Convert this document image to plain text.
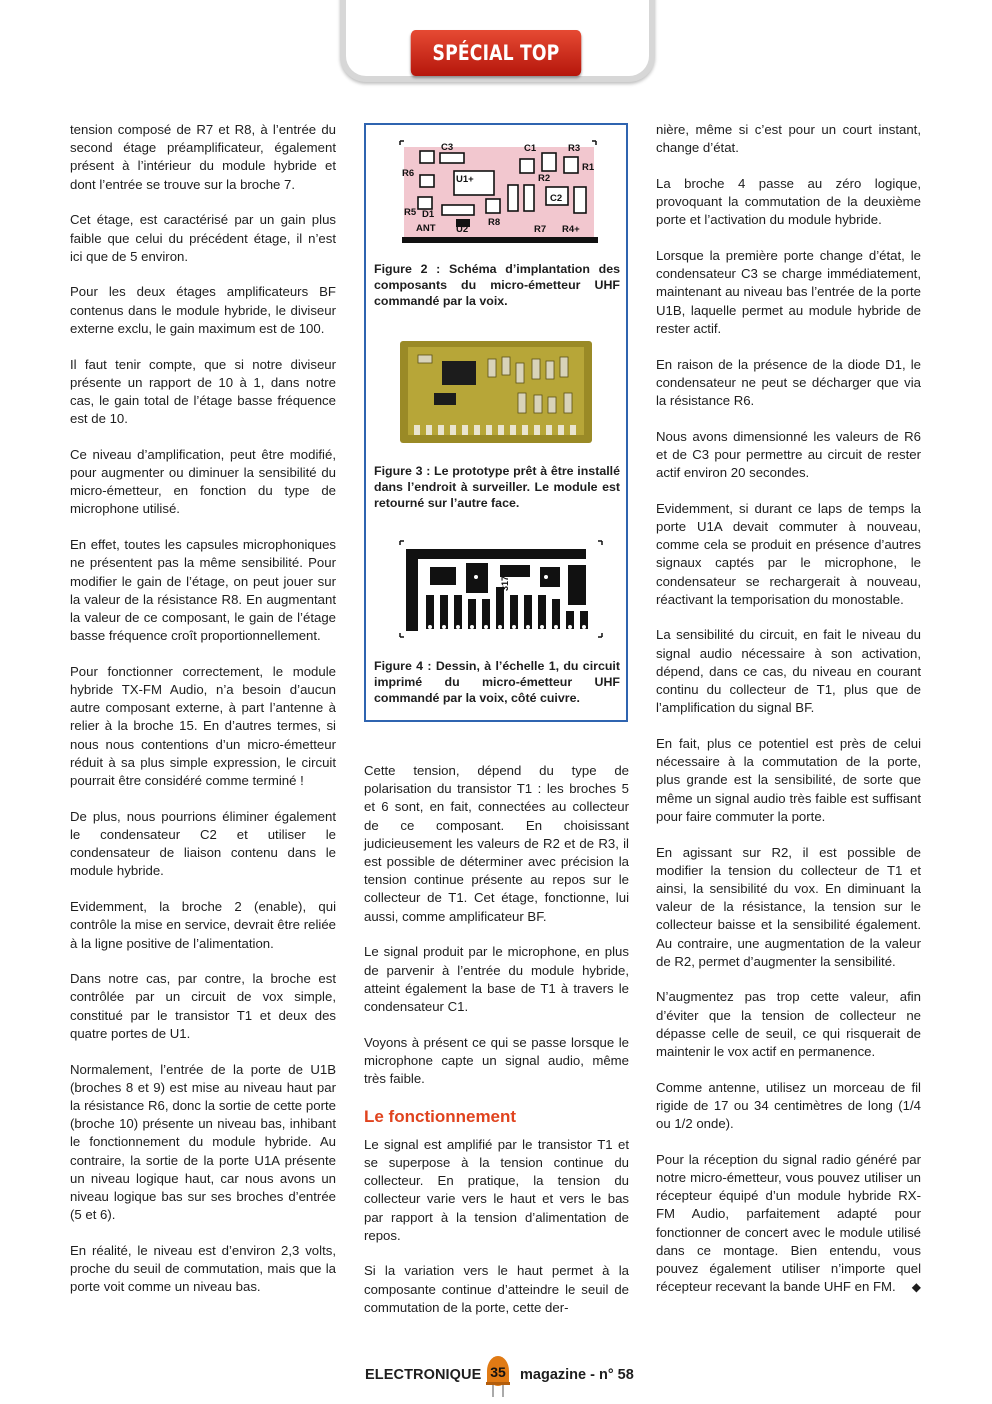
SPÉCIAL TOP SECRET

tension composé de R7 et R8, à l’entrée du second étage préamplificateur, également présent à l’intérieur du module hybride et dont l’entrée se trouve sur la broche 7.

Cet étage, est caractérisé par un gain plus faible que celui du précédent étage, il n’est ici que de 5 environ.

Pour les deux étages amplificateurs BF contenus dans le module hybride, le diviseur externe exclu, le gain maximum est de 100.

Il faut tenir compte, que si notre diviseur présente un rapport de 10 à 1, dans notre cas, le gain total de l’étage basse fréquence est de 10.

Ce niveau d’amplification, peut être modifié, pour augmenter ou diminuer la sensibilité du micro-émetteur, en fonction du type de microphone utilisé.

En effet, toutes les capsules microphoniques ne présentent pas la même sensibilité. Pour modifier le gain de l’étage, on peut jouer sur la valeur de la résistance R8. En augmentant la valeur de ce composant, le gain de l’étage basse fréquence croît proportionnellement.

Pour fonctionner correctement, le module hybride TX-FM Audio, n’a besoin d’aucun autre composant externe, à part l’antenne à relier à la broche 15. En d’autres termes, si nous nous contentions d’un micro-émetteur réduit à sa plus simple expression, le circuit pourrait être considéré comme terminé !

De plus, nous pourrions éliminer également le condensateur C2 et utiliser le condensateur de liaison contenu dans le module hybride.

Evidemment, la broche 2 (enable), qui contrôle la mise en service, devrait être reliée à la ligne positive de l’alimentation.

Dans notre cas, par contre, la broche est contrôlée par un circuit de vox simple, constitué par le transistor T1 et deux des quatre portes de U1.

Normalement, l’entrée de la porte de U1B (broches 8 et 9) est mise au niveau haut par la résistance R6, donc la sortie de cette porte (broche 10) présente un niveau bas, inhibant le fonctionnement du module hybride. Au contraire, la sortie de la porte U1A présente un niveau logique haut, car nous avons un niveau logique bas sur ses broches d’entrée (5 et 6).

En réalité, le niveau est d’environ 2,3 volts, proche du seuil de commutation, mais que la porte voit comme un niveau bas.

C3	C1	R3
R6
U1+
R1
R2
R5 D1
R8
C2
ANT U2	R7 R4+
Figure 2 : Schéma d’implantation des composants du micro-émetteur UHF commandé par la voix.
Figure 3 : Le prototype prêt à être installé dans l’endroit à surveiller. Le module est retourné sur l’autre face.
317
Figure 4 : Dessin, à l’échelle 1, du circuit imprimé du micro-émetteur UHF commandé par la voix, côté cuivre.

Cette tension, dépend du type de polarisation du transistor T1 : les broches 5 et 6 sont, en fait, connectées au collecteur de ce composant. En choisissant judicieusement les valeurs de R2 et de R3, il est possible de déterminer avec précision la tension continue présente au repos sur le collecteur de T1. Cet étage, fonctionne, lui aussi, comme amplificateur BF.

Le signal produit par le microphone, en plus de parvenir à l’entrée du module hybride, atteint également la base de T1 à travers le condensateur C1.

Voyons à présent ce qui se passe lorsque le microphone capte un signal audio, même très faible.

Le fonctionnement

Le signal est amplifié par le transistor T1 et se superpose à la tension continue du collecteur. En pratique, la tension du collecteur varie vers le haut et vers le bas par rapport à la tension d’alimentation de repos.

Si la variation vers le haut permet à la composante continue d’atteindre le seuil de commutation de la porte, cette der-

nière, même si c’est pour un court instant, change d’état.

La broche 4 passe au zéro logique, provoquant la commutation de la deuxième porte et l’activation du module hybride.

Lorsque la première porte change d’état, le condensateur C3 se charge immédiatement, maintenant au niveau bas l’entrée de la porte U1B, laquelle permet au module hybride de rester actif.

En raison de la présence de la diode D1, le condensateur ne peut se décharger que via la résistance R6.

Nous avons dimensionné les valeurs de R6 et de C3 pour permettre au circuit de rester actif environ 20 secondes.

Evidemment, si durant ce laps de temps la porte U1A devait commuter à nouveau, comme cela se produit en présence d’autres signaux captés par le microphone, le condensateur se rechargerait à nouveau, réactivant la temporisation du monostable.

La sensibilité du circuit, en fait le niveau du signal audio nécessaire à son activation, dépend, dans ce cas, du niveau en courant continu du collecteur de T1, plus que de l’amplification du signal BF.

En fait, plus ce potentiel est près de celui nécessaire à la commutation de la porte, plus grande est la sensibilité, de sorte que même un signal audio très faible est suffisant pour faire commuter la porte.

En agissant sur R2, il est possible de modifier la tension du collecteur de T1 et ainsi, la sensibilité du vox. En diminuant la valeur de la résistance, la tension sur le collecteur baisse et la sensibilité également. Au contraire, une augmentation de la valeur de R2, permet d’augmenter la sensibilité.

N’augmentez pas trop cette valeur, afin d’éviter que la tension de collecteur ne dépasse celle de seuil, ce qui risquerait de maintenir le vox actif en permanence.

Comme antenne, utilisez un morceau de fil rigide de 17 ou 34 centimètres de long (1/4 ou 1/2 onde).

Pour la réception du signal radio généré par notre micro-émetteur, vous pouvez utiliser un récepteur équipé d’un module hybride RX-FM Audio, parfaitement adapté pour fonctionner de concert avec le module utilisé dans ce montage. Bien entendu, vous pouvez également utiliser n’importe quel récepteur recevant la bande UHF en FM. ◆

ELECTRONIQUE 35 magazine - n° 58
